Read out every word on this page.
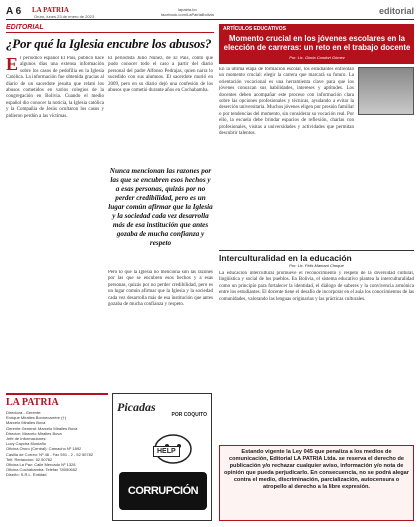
A 6 LA PATRIA
Oruro, lunes 23 de enero de 2023
lapatria.bo
facebook.com/LaPatriaBolivia	editorial
EDITORIAL
¿Por qué la Iglesia encubre los abusos?
E l periódico español El País, publicó hace algunos días una extensa información sobre los casos de pedofilia en la Iglesia Católica. La información fue obtenida gracias al diario de un sacerdote jesuita que relató los abusos cometidos en varios colegios de la congregación en Bolivia. Cuando el medio español dio conocer la noticia, la Iglesia católica y la Compañía de Jesús ocultaron los casos y pidieron perdón a las víctimas.
El periodista Julio Núñez, de El País, contó que pudo conocer todo el caso a partir del diario personal del padre Alfonso Pedrajas, quien narra lo sucedido con sus alumnos. El sacerdote murió en 2009, pero en su diario dejó una confesión de los abusos que cometió durante años en Cochabamba.
Nunca mencionan las razones por las que se encubren esos hechos y a esas personas, quizás por no perder credibilidad, pero es un lugar común afirmar que la Iglesia y la sociedad cada vez desarrolla más de esa institución que antes gozaba de mucha confianza y respeto
Pero lo que la Iglesia no menciona son las razones por las que se encubren esos hechos y a esas personas, quizás por no perder credibilidad, pero es un lugar común afirmar que la Iglesia y la sociedad cada vez desarrolla más de esa institución que antes gozaba de mucha confianza y respeto.
ARTÍCULOS EDUCATIVOS
Momento crucial en los jóvenes escolares en la elección de carreras: un reto en el trabajo docente
Por: Lic. Gloria Condori Gómez
En la última etapa de formación escolar, los estudiantes enfrentan un momento crucial: elegir la carrera que marcará su futuro. La orientación vocacional es una herramienta clave para que los jóvenes conozcan sus habilidades, intereses y aptitudes. Los docentes deben acompañar este proceso con información clara sobre las opciones profesionales y técnicas, ayudando a evitar la deserción universitaria. Muchos jóvenes eligen por presión familiar o por tendencias del momento, sin considerar su vocación real. Por ello, la escuela debe brindar espacios de reflexión, charlas con profesionales, visitas a universidades y actividades que permitan descubrir talentos.
Interculturalidad en la educación
Por: Lic. Félix Mamani Choque
La educación intercultural promueve el reconocimiento y respeto de la diversidad cultural, lingüística y social de los pueblos. En Bolivia, el sistema educativo plantea la interculturalidad como un principio para fortalecer la identidad, el diálogo de saberes y la convivencia armónica entre los estudiantes. El docente tiene el desafío de incorporar en el aula los conocimientos de las comunidades, valorando las lenguas originarias y las prácticas culturales.
LA PATRIA
Directora - Gerente:
Enrique Miralles Bonnecarrère (†)
Marcelo Miralles Bova
Gerente General: Marcelo Miralles Bova
Director: Marcelo Miralles Bova
Jefe de Informaciones:
Lucy Capcha Montaño
Oficina Oruro (Central): Camacho Nº 1892
Casilla de Correo: Nº 48 - Fax 591 - 2 - 52 50782
Telf. Redacción: 52 50782
Oficina La Paz: Calle Mercado Nº 1328
Oficina Cochabamba: Telefax 78050682
Diseño: S.R.L. Entidad
Picadas
POR COQUITO
HELP
CORRUPCIÓN
Estando vigente la Ley 045 que penaliza a los medios de comunicación, Editorial LA PATRIA Ltda. se reserva el derecho de publicación y/o rechazar cualquier aviso, información y/o nota de opinión que pueda perjudicarlo. En consecuencia, no se podrá alegar contra el medio, discriminación, parcialización, autocensura o atropello al derecho a la libre expresión.
